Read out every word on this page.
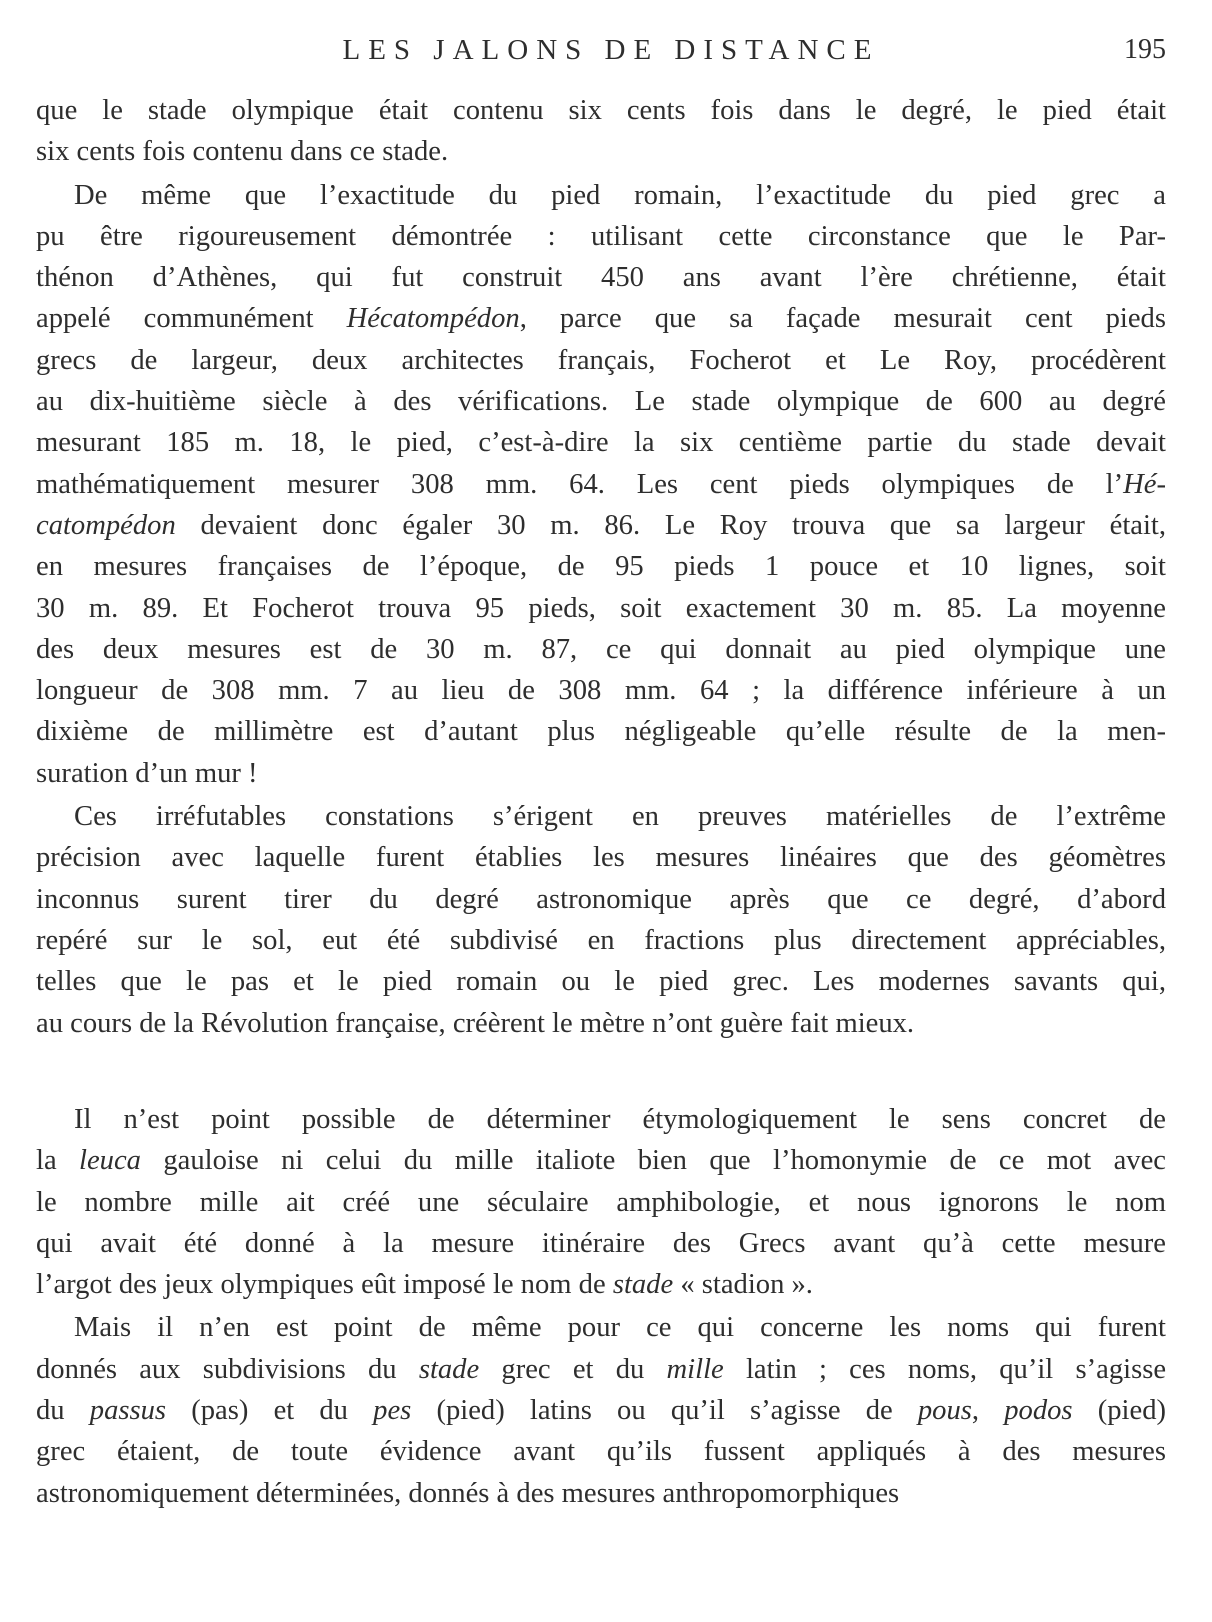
LES JALONS DE DISTANCE	195
que le stade olympique était contenu six cents fois dans le degré, le pied était
six cents fois contenu dans ce stade.
De même que l’exactitude du pied romain, l’exactitude du pied grec a
pu être rigoureusement démontrée : utilisant cette circonstance que le Par-
thénon d’Athènes, qui fut construit 450 ans avant l’ère chrétienne, était
appelé communément Hécatompédon, parce que sa façade mesurait cent pieds
grecs de largeur, deux architectes français, Focherot et Le Roy, procédèrent
au dix-huitième siècle à des vérifications. Le stade olympique de 600 au degré
mesurant 185 m. 18, le pied, c’est-à-dire la six centième partie du stade devait
mathématiquement mesurer 308 mm. 64. Les cent pieds olympiques de l’Hé-
catompédon devaient donc égaler 30 m. 86. Le Roy trouva que sa largeur était,
en mesures françaises de l’époque, de 95 pieds 1 pouce et 10 lignes, soit
30 m. 89. Et Focherot trouva 95 pieds, soit exactement 30 m. 85. La moyenne
des deux mesures est de 30 m. 87, ce qui donnait au pied olympique une
longueur de 308 mm. 7 au lieu de 308 mm. 64 ; la différence inférieure à un
dixième de millimètre est d’autant plus négligeable qu’elle résulte de la men-
suration d’un mur !
Ces irréfutables constations s’érigent en preuves matérielles de l’extrême
précision avec laquelle furent établies les mesures linéaires que des géomètres
inconnus surent tirer du degré astronomique après que ce degré, d’abord
repéré sur le sol, eut été subdivisé en fractions plus directement appréciables,
telles que le pas et le pied romain ou le pied grec. Les modernes savants qui,
au cours de la Révolution française, créèrent le mètre n’ont guère fait mieux.
Il n’est point possible de déterminer étymologiquement le sens concret de
la leuca gauloise ni celui du mille italiote bien que l’homonymie de ce mot avec
le nombre mille ait créé une séculaire amphibologie, et nous ignorons le nom
qui avait été donné à la mesure itinéraire des Grecs avant qu’à cette mesure
l’argot des jeux olympiques eût imposé le nom de stade « stadion ».
Mais il n’en est point de même pour ce qui concerne les noms qui furent
donnés aux subdivisions du stade grec et du mille latin ; ces noms, qu’il s’agisse
du passus (pas) et du pes (pied) latins ou qu’il s’agisse de pous, podos (pied)
grec étaient, de toute évidence avant qu’ils fussent appliqués à des mesures
astronomiquement déterminées, donnés à des mesures anthropomorphiques
